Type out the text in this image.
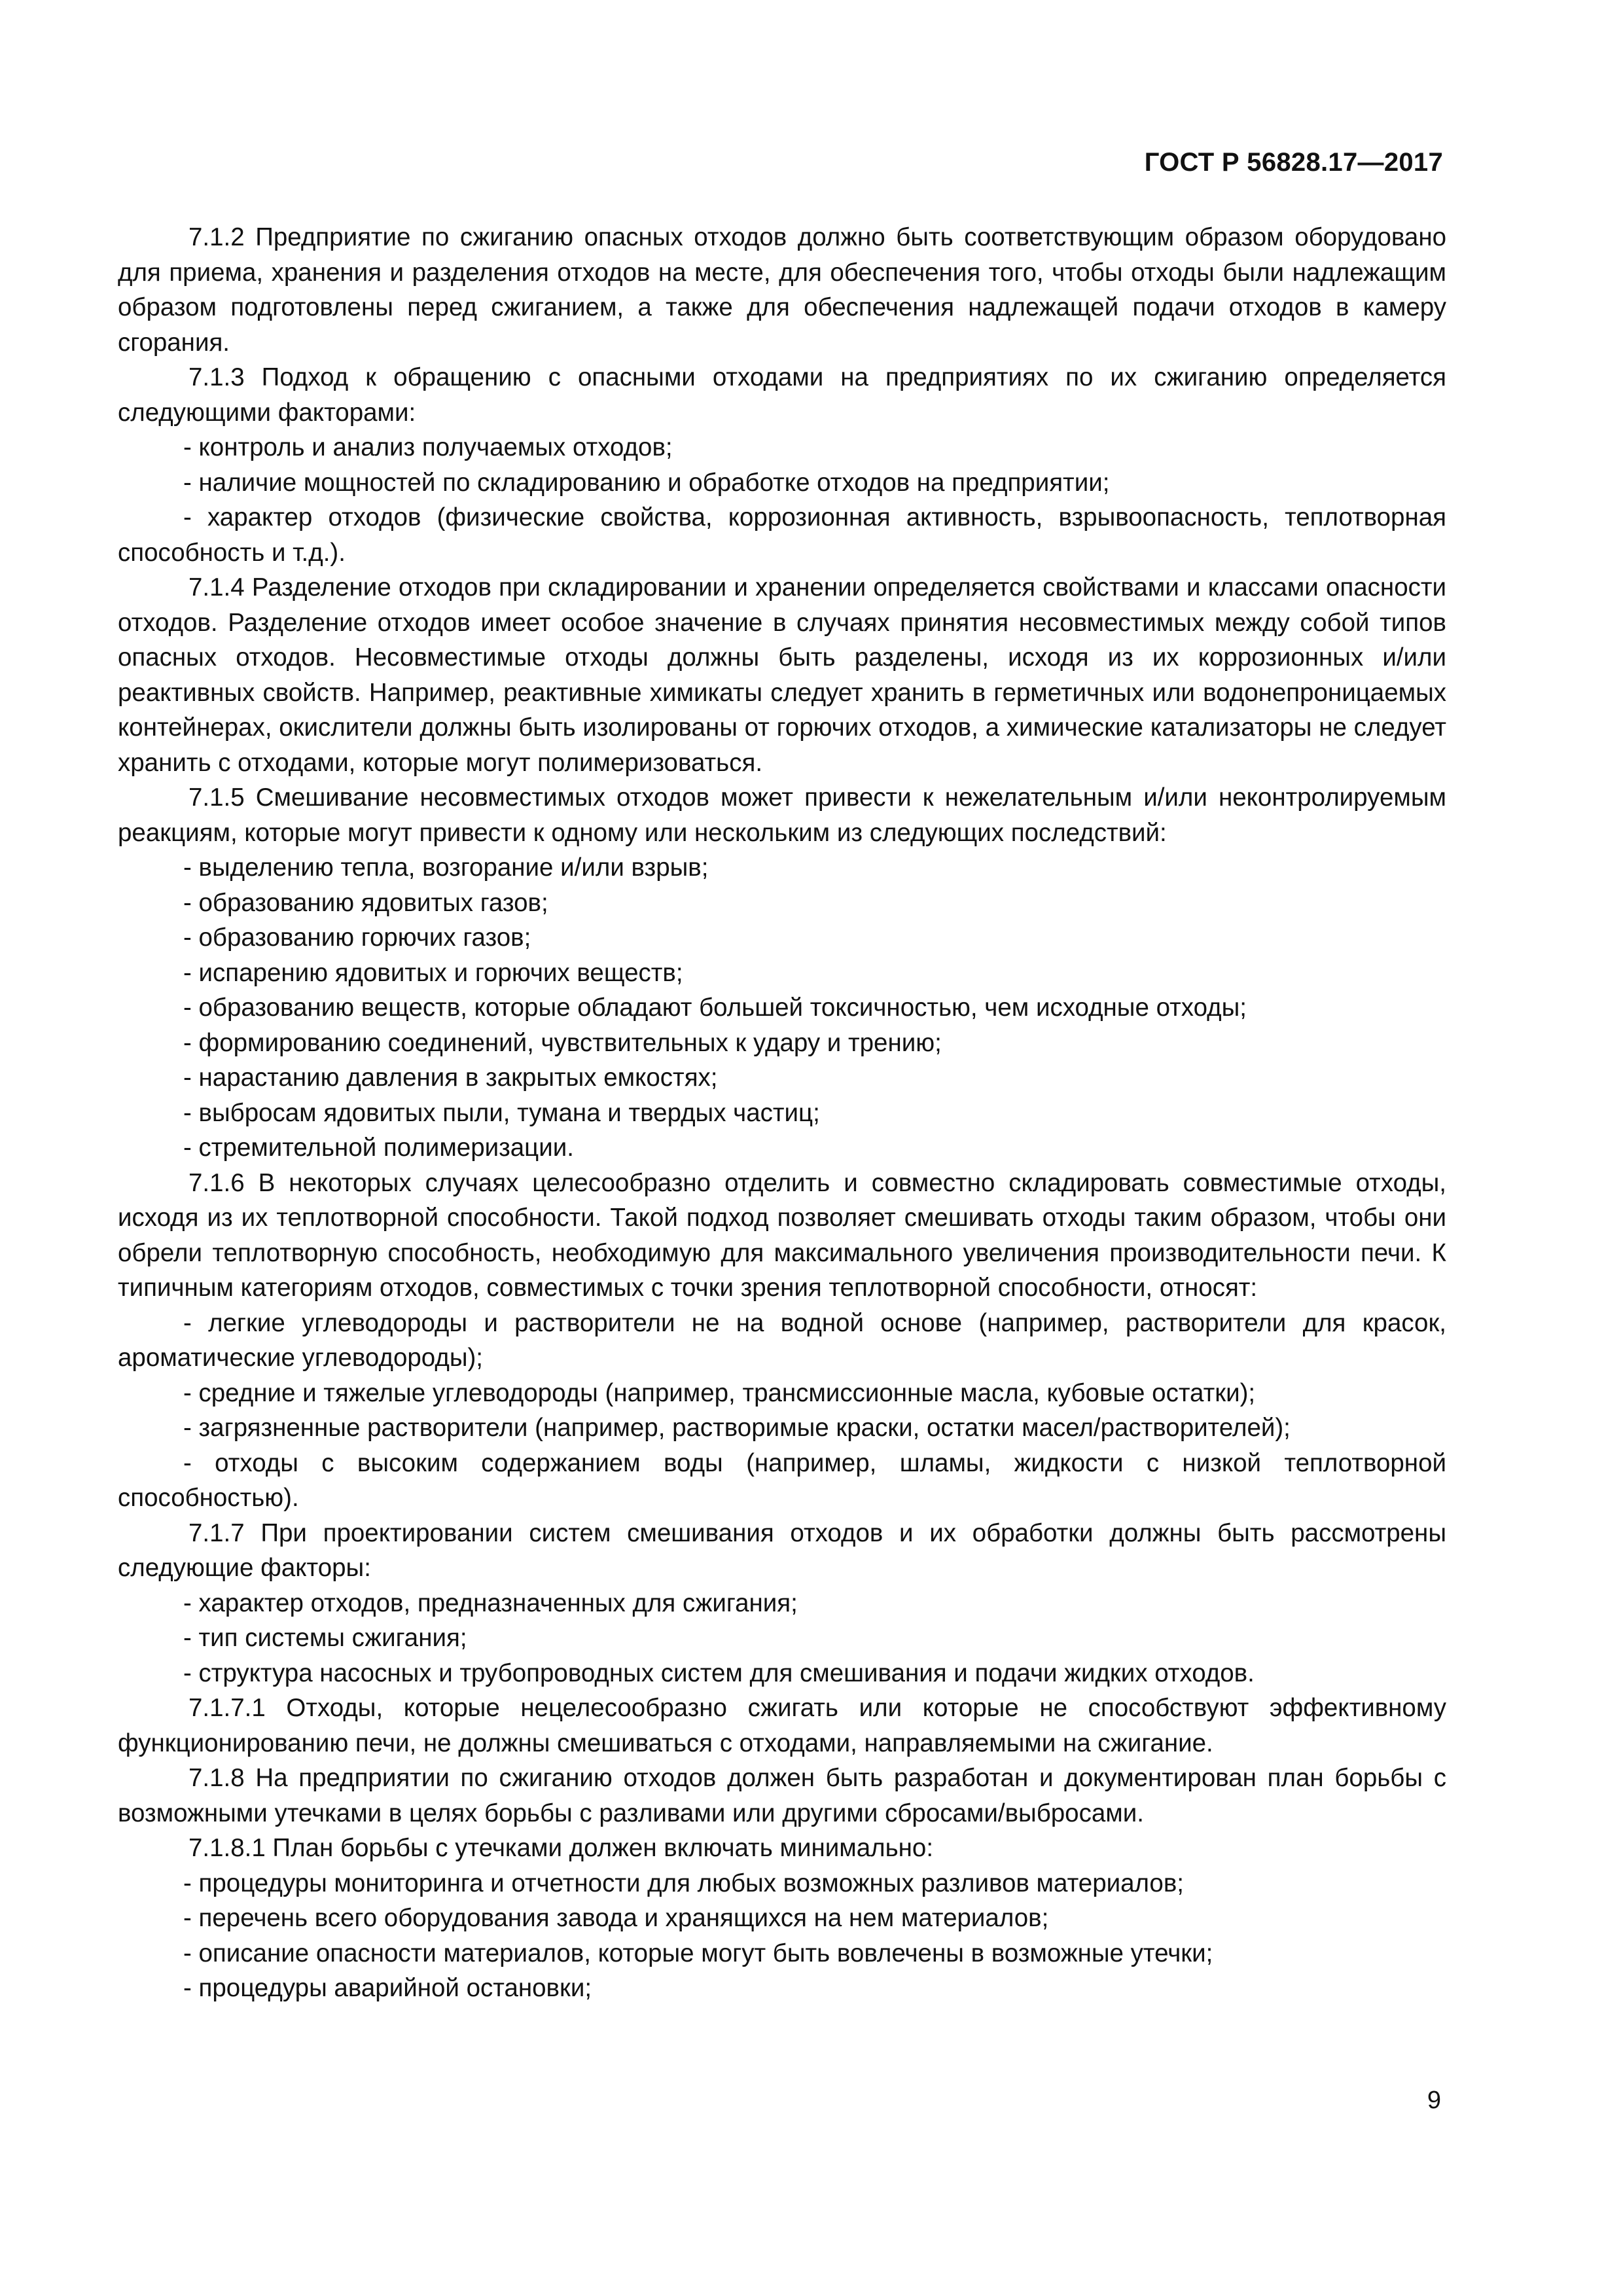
ГОСТ Р 56828.17—2017

7.1.2 Предприятие по сжиганию опасных отходов должно быть соответствующим образом оборудовано для приема, хранения и разделения отходов на месте, для обеспечения того, чтобы отходы были надлежащим образом подготовлены перед сжиганием, а также для обеспечения надлежащей подачи отходов в камеру сгорания.

7.1.3 Подход к обращению с опасными отходами на предприятиях по их сжиганию определяется следующими факторами:

- контроль и анализ получаемых отходов;

- наличие мощностей по складированию и обработке отходов на предприятии;

- характер отходов (физические свойства, коррозионная активность, взрывоопасность, теплотворная способность и т.д.).

7.1.4 Разделение отходов при складировании и хранении определяется свойствами и классами опасности отходов. Разделение отходов имеет особое значение в случаях принятия несовместимых между собой типов опасных отходов. Несовместимые отходы должны быть разделены, исходя из их коррозионных и/или реактивных свойств. Например, реактивные химикаты следует хранить в герметичных или водонепроницаемых контейнерах, окислители должны быть изолированы от горючих отходов, а химические катализаторы не следует хранить с отходами, которые могут полимеризоваться.

7.1.5 Смешивание несовместимых отходов может привести к нежелательным и/или неконтролируемым реакциям, которые могут привести к одному или нескольким из следующих последствий:

- выделению тепла, возгорание и/или взрыв;

- образованию ядовитых газов;

- образованию горючих газов;

- испарению ядовитых и горючих веществ;

- образованию веществ, которые обладают большей токсичностью, чем исходные отходы;

- формированию соединений, чувствительных к удару и трению;

- нарастанию давления в закрытых емкостях;

- выбросам ядовитых пыли, тумана и твердых частиц;

- стремительной полимеризации.

7.1.6 В некоторых случаях целесообразно отделить и совместно складировать совместимые отходы, исходя из их теплотворной способности. Такой подход позволяет смешивать отходы таким образом, чтобы они обрели теплотворную способность, необходимую для максимального увеличения производительности печи. К типичным категориям отходов, совместимых с точки зрения теплотворной способности, относят:

- легкие углеводороды и растворители не на водной основе (например, растворители для красок, ароматические углеводороды);

- средние и тяжелые углеводороды (например, трансмиссионные масла, кубовые остатки);

- загрязненные растворители (например, растворимые краски, остатки масел/растворителей);

- отходы с высоким содержанием воды (например, шламы, жидкости с низкой теплотворной способностью).

7.1.7 При проектировании систем смешивания отходов и их обработки должны быть рассмотрены следующие факторы:

- характер отходов, предназначенных для сжигания;

- тип системы сжигания;

- структура насосных и трубопроводных систем для смешивания и подачи жидких отходов.

7.1.7.1 Отходы, которые нецелесообразно сжигать или которые не способствуют эффективному функционированию печи, не должны смешиваться с отходами, направляемыми на сжигание.

7.1.8 На предприятии по сжиганию отходов должен быть разработан и документирован план борьбы с возможными утечками в целях борьбы с разливами или другими сбросами/выбросами.

7.1.8.1 План борьбы с утечками должен включать минимально:

- процедуры мониторинга и отчетности для любых возможных разливов материалов;

- перечень всего оборудования завода и хранящихся на нем материалов;

- описание опасности материалов, которые могут быть вовлечены в возможные утечки;

- процедуры аварийной остановки;

9
